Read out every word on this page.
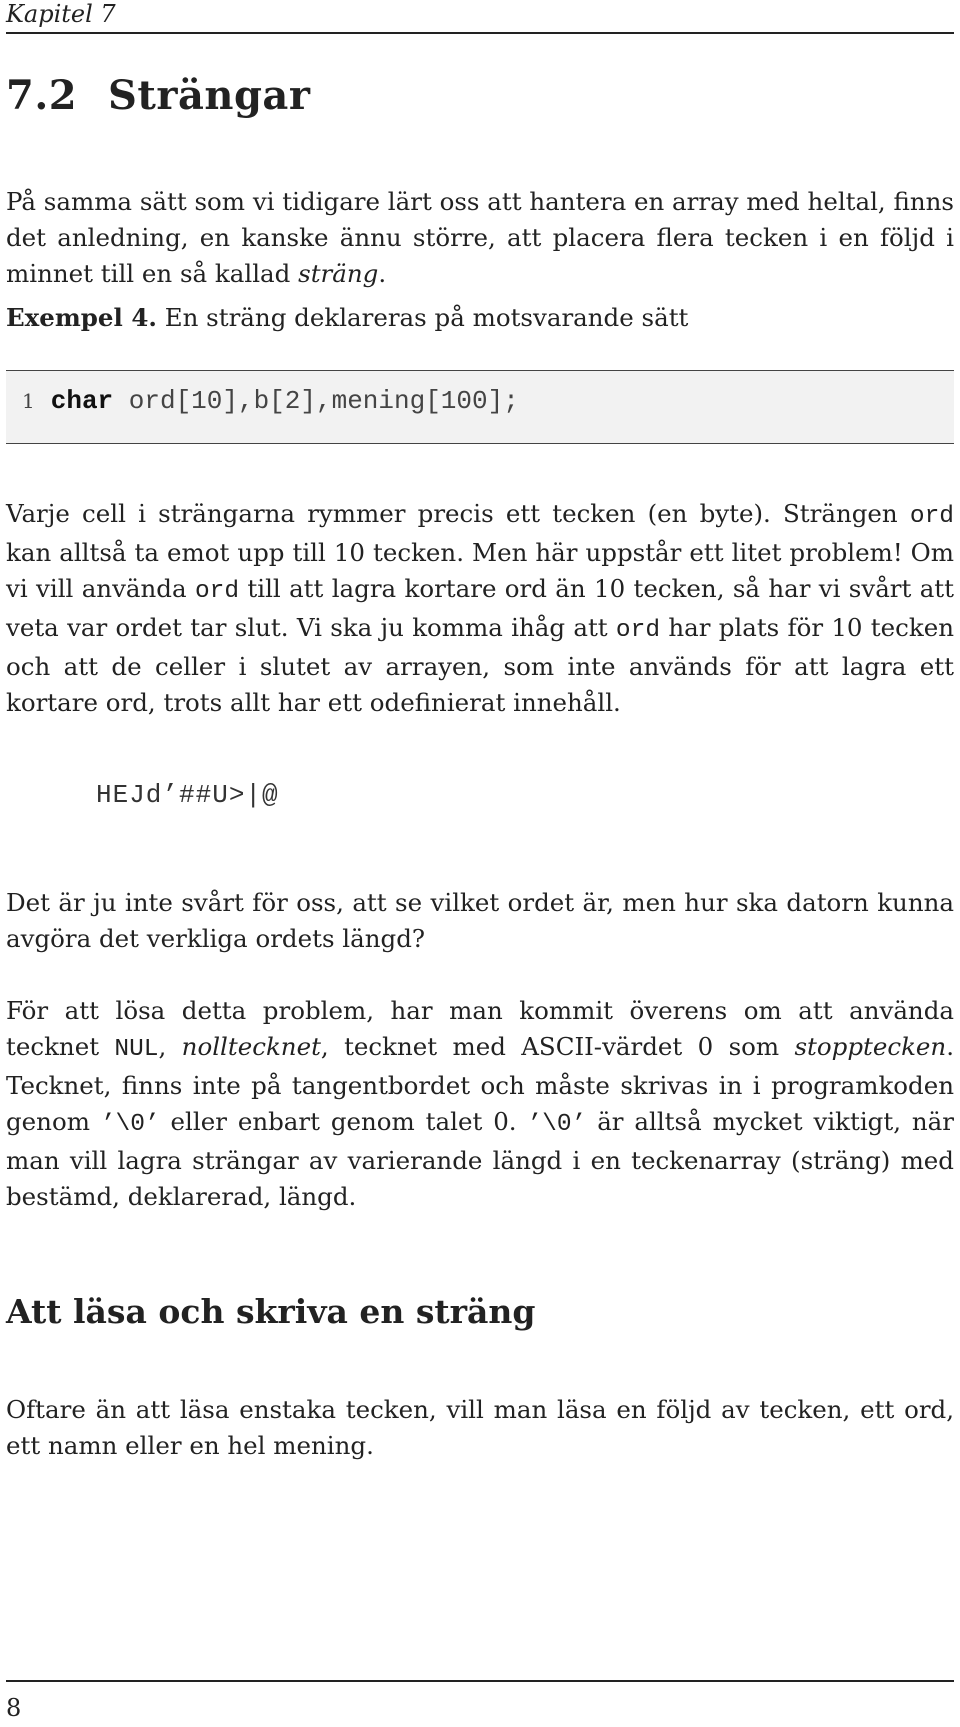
Kapitel 7
7.2 Strängar

På samma sätt som vi tidigare lärt oss att hantera en array med heltal, finns det anledning, en kanske ännu större, att placera flera tecken i en följd i minnet till en så kallad sträng.

Exempel 4. En sträng deklareras på motsvarande sätt

1 char ord[10],b[2],mening[100];

Varje cell i strängarna rymmer precis ett tecken (en byte). Strängen ord kan alltså ta emot upp till 10 tecken. Men här uppstår ett litet problem! Om vi vill använda ord till att lagra kortare ord än 10 tecken, så har vi svårt att veta var ordet tar slut. Vi ska ju komma ihåg att ord har plats för 10 tecken och att de celler i slutet av arrayen, som inte används för att lagra ett kortare ord, trots allt har ett odefinierat innehåll.

HEJd’##U>|@

Det är ju inte svårt för oss, att se vilket ordet är, men hur ska datorn kunna avgöra det verkliga ordets längd?

För att lösa detta problem, har man kommit överens om att använda tecknet NUL, nolltecknet, tecknet med ASCII-värdet 0 som stopptecken. Tecknet, finns inte på tangentbordet och måste skrivas in i programkoden genom ’\0’ eller enbart genom talet 0. ’\0’ är alltså mycket viktigt, när man vill lagra strängar av varierande längd i en teckenarray (sträng) med bestämd, deklarerad, längd.

Att läsa och skriva en sträng

Oftare än att läsa enstaka tecken, vill man läsa en följd av tecken, ett ord, ett namn eller en hel mening.

8
